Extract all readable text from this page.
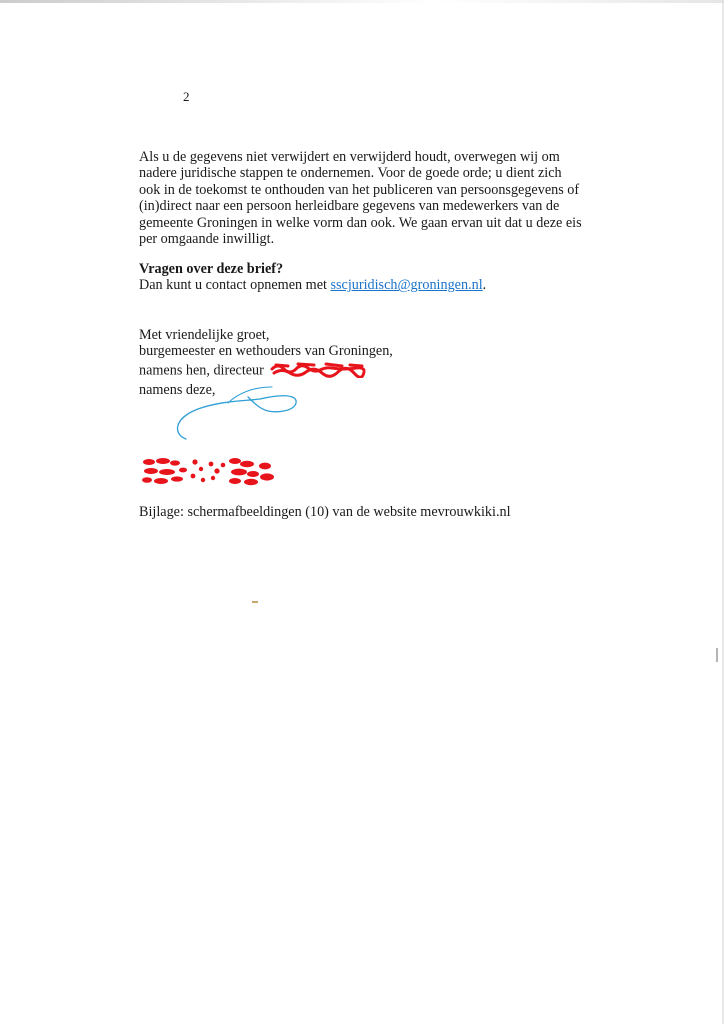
2
Als u de gegevens niet verwijdert en verwijderd houdt, overwegen wij om
nadere juridische stappen te ondernemen. Voor de goede orde; u dient zich
ook in de toekomst te onthouden van het publiceren van persoonsgegevens of
(in)direct naar een persoon herleidbare gegevens van medewerkers van de
gemeente Groningen in welke vorm dan ook. We gaan ervan uit dat u deze eis
per omgaande inwilligt.
Vragen over deze brief?
Dan kunt u contact opnemen met sscjuridisch@groningen.nl.
Met vriendelijke groet,
burgemeester en wethouders van Groningen,
namens hen, directeur
namens deze,
Bijlage: schermafbeeldingen (10) van de website mevrouwkiki.nl
